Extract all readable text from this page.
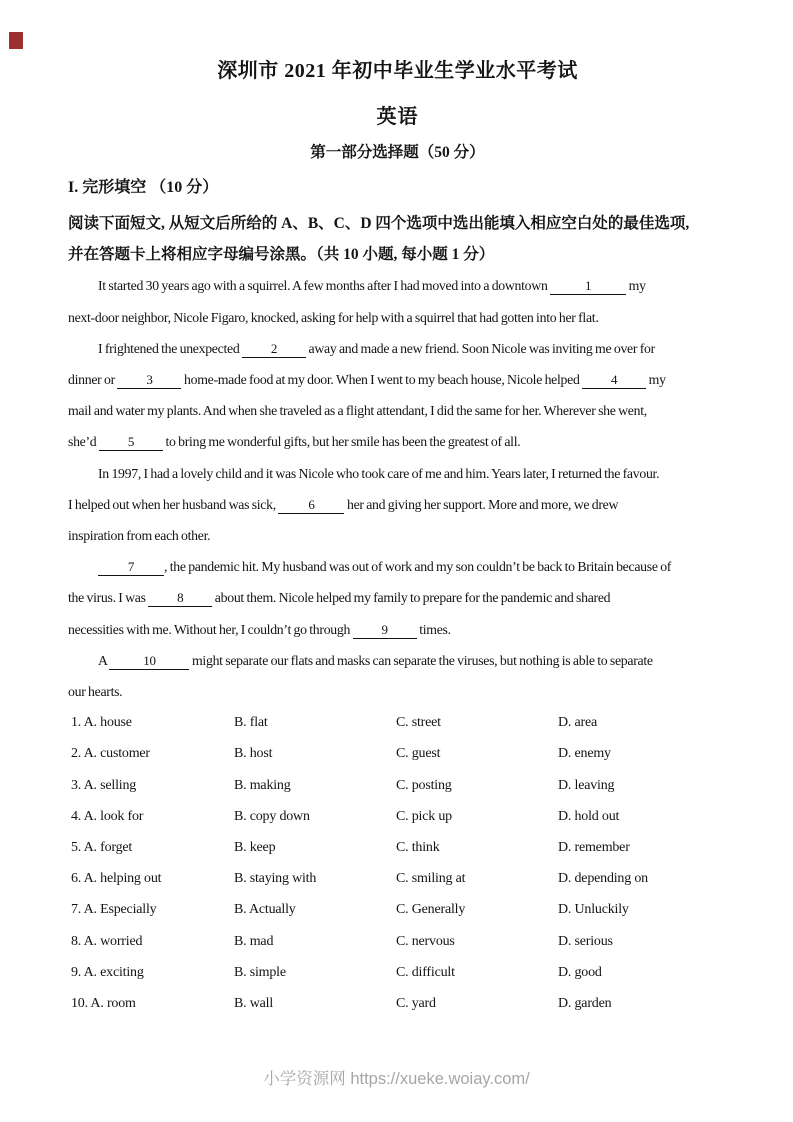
深圳市 2021 年初中毕业生学业水平考试
英语
第一部分选择题（50 分）
I. 完形填空 （10 分）
阅读下面短文, 从短文后所给的 A、B、C、D 四个选项中选出能填入相应空白处的最佳选项,
并在答题卡上将相应字母编号涂黑。（共 10 小题, 每小题 1 分）
It started 30 years ago with a squirrel. A few months after I had moved into a downtown	1	my
next-door neighbor, Nicole Figaro, knocked, asking for help with a squirrel that had gotten into her flat.
I frightened the unexpected 2 away and made a new friend. Soon Nicole was inviting me over for
dinner or 3 home-made food at my door. When I went to my beach house, Nicole helped 4 my
mail and water my plants. And when she traveled as a flight attendant, I did the same for her. Wherever she went,
she’d 5 to bring me wonderful gifts, but her smile has been the greatest of all.
In 1997, I had a lovely child and it was Nicole who took care of me and him. Years later, I returned the favour.
I helped out when her husband was sick, 6 her and giving her support. More and more, we drew
inspiration from each other.
7 , the pandemic hit. My husband was out of work and my son couldn’t be back to Britain because of
the virus. I was 8 about them. Nicole helped my family to prepare for the pandemic and shared
necessities with me. Without her, I couldn’t go through 9 times.
A	10 might separate our flats and masks can separate the viruses, but nothing is able to separate
our hearts.
1. A. house	B. flat	C. street	D. area
2. A. customer	B. host	C. guest	D. enemy
3. A. selling	B. making	C. posting	D. leaving
4. A. look for	B. copy down	C. pick up	D. hold out
5. A. forget	B. keep	C. think	D. remember
6. A. helping out	B. staying with	C. smiling at	D. depending on
7. A. Especially	B. Actually	C. Generally	D. Unluckily
8. A. worried	B. mad	C. nervous	D. serious
9. A. exciting	B. simple	C. difficult	D. good
10. A. room	B. wall	C. yard	D. garden
小学资源网 https://xueke.woiay.com/
